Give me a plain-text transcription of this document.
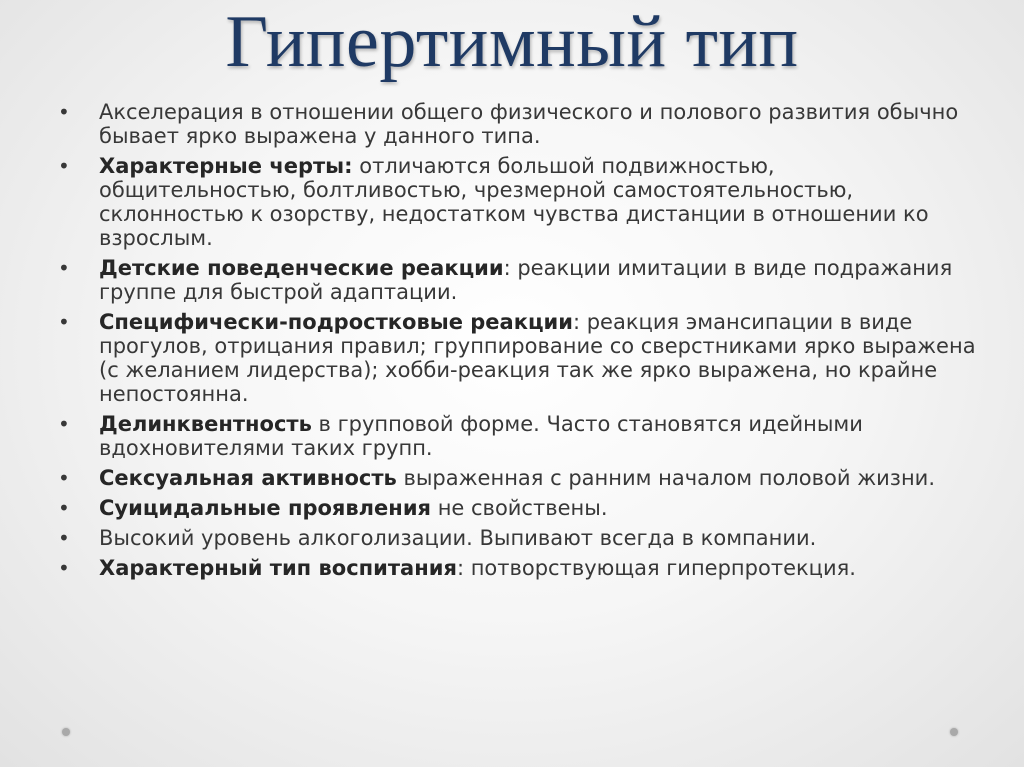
Гипертимный тип
• Акселерация в отношении общего физического и полового развития обычно бывает ярко выражена у данного типа.
• Характерные черты: отличаются большой подвижностью, общительностью, болтливостью, чрезмерной самостоятельностью, склонностью к озорству, недостатком чувства дистанции в отношении ко взрослым.
• Детские поведенческие реакции: реакции имитации в виде подражания группе для быстрой адаптации.
• Специфически-подростковые реакции: реакция эмансипации в виде прогулов, отрицания правил; группирование со сверстниками ярко выражена (с желанием лидерства); хобби-реакция так же ярко выражена, но крайне непостоянна.
• Делинквентность в групповой форме. Часто становятся идейными вдохновителями таких групп.
• Сексуальная активность выраженная с ранним началом половой жизни.
• Суицидальные проявления не свойствены.
• Высокий уровень алкоголизации. Выпивают всегда в компании.
• Характерный тип воспитания: потворствующая гиперпротекция.
